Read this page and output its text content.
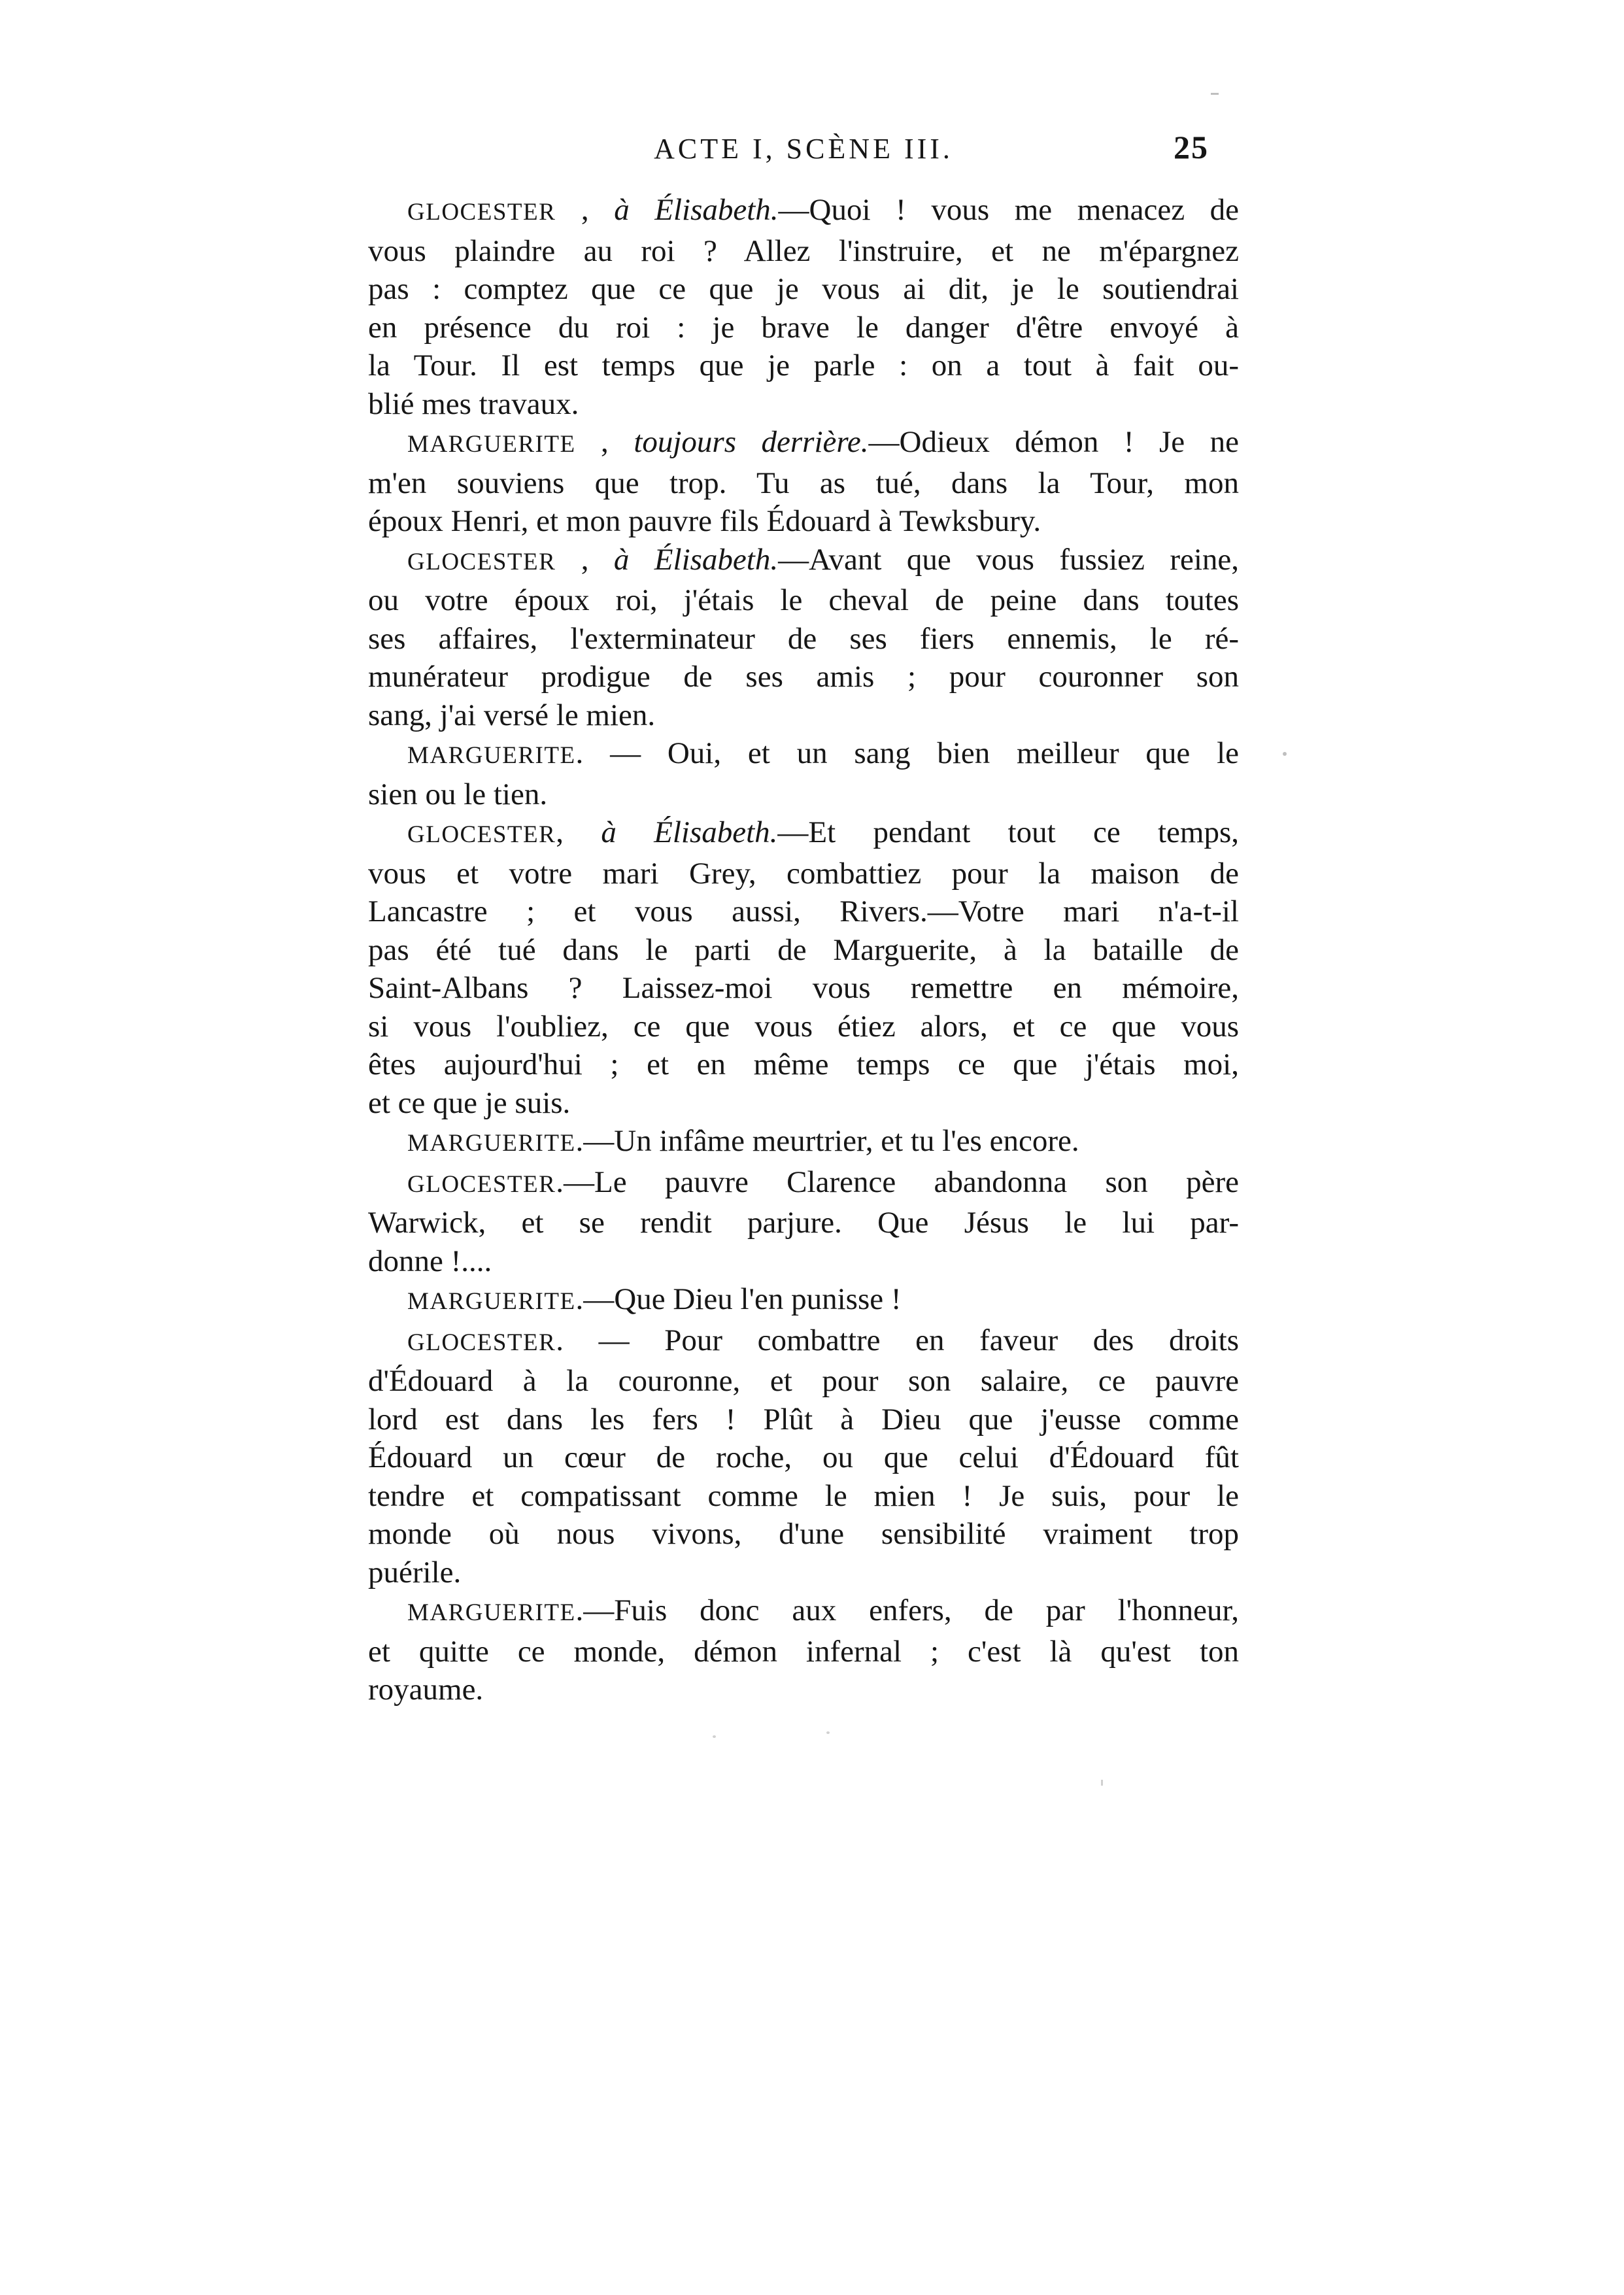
ACTE I, SCÈNE III.	25
GLOCESTER , à Élisabeth.—Quoi ! vous me menacez de
vous plaindre au roi ? Allez l'instruire, et ne m'épargnez
pas : comptez que ce que je vous ai dit, je le soutiendrai
en présence du roi : je brave le danger d'être envoyé à
la Tour. Il est temps que je parle : on a tout à fait ou-
blié mes travaux.
MARGUERITE , toujours derrière.—Odieux démon ! Je ne
m'en souviens que trop. Tu as tué, dans la Tour, mon
époux Henri, et mon pauvre fils Édouard à Tewksbury.
GLOCESTER , à Élisabeth.—Avant que vous fussiez reine,
ou votre époux roi, j'étais le cheval de peine dans toutes
ses affaires, l'exterminateur de ses fiers ennemis, le ré-
munérateur prodigue de ses amis ; pour couronner son
sang, j'ai versé le mien.
MARGUERITE. — Oui, et un sang bien meilleur que le
sien ou le tien.
GLOCESTER, à Élisabeth.—Et pendant tout ce temps,
vous et votre mari Grey, combattiez pour la maison de
Lancastre ; et vous aussi, Rivers.—Votre mari n'a-t-il
pas été tué dans le parti de Marguerite, à la bataille de
Saint-Albans ? Laissez-moi vous remettre en mémoire,
si vous l'oubliez, ce que vous étiez alors, et ce que vous
êtes aujourd'hui ; et en même temps ce que j'étais moi,
et ce que je suis.
MARGUERITE.—Un infâme meurtrier, et tu l'es encore.
GLOCESTER.—Le pauvre Clarence abandonna son père
Warwick, et se rendit parjure. Que Jésus le lui par-
donne !....
MARGUERITE.—Que Dieu l'en punisse !
GLOCESTER. — Pour combattre en faveur des droits
d'Édouard à la couronne, et pour son salaire, ce pauvre
lord est dans les fers ! Plût à Dieu que j'eusse comme
Édouard un cœur de roche, ou que celui d'Édouard fût
tendre et compatissant comme le mien ! Je suis, pour le
monde où nous vivons, d'une sensibilité vraiment trop
puérile.
MARGUERITE.—Fuis donc aux enfers, de par l'honneur,
et quitte ce monde, démon infernal ; c'est là qu'est ton
royaume.
